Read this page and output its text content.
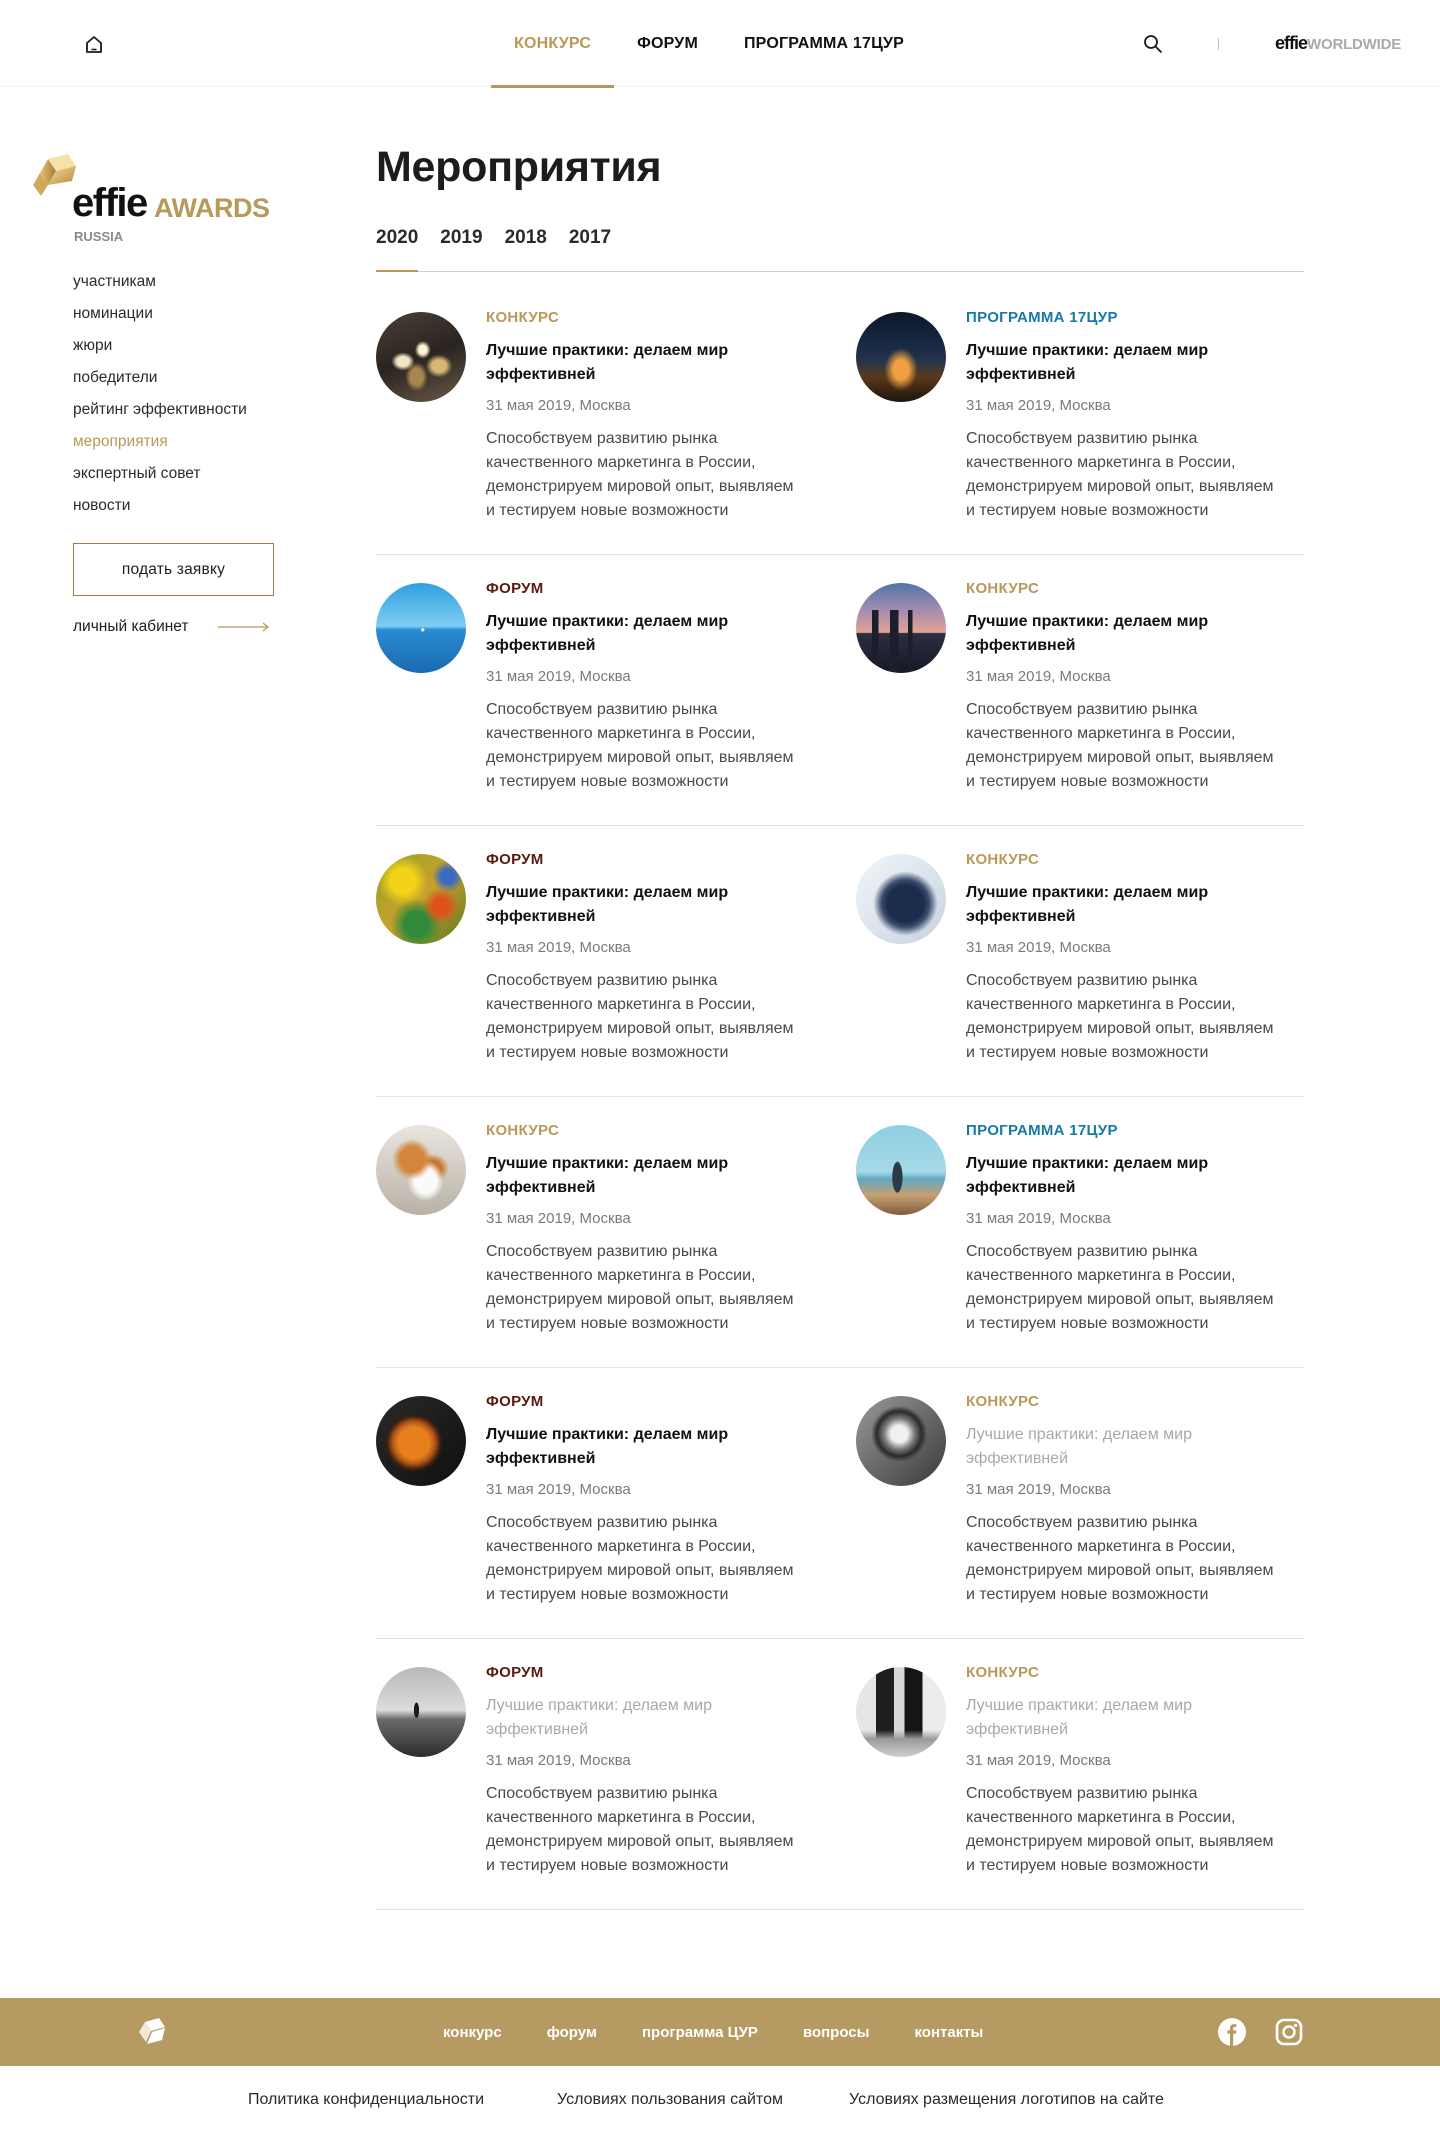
КОНКУРС	ФОРУМ	ПРОГРАММА 17ЦУР	effieWORLDWIDE
effie AWARDS
RUSSIA
участникам
номинации
жюри
победители
рейтинг эффективности
мероприятия
экспертный совет
новости
подать заявку
личный кабинет
Мероприятия
2020 2019 2018 2017
КОНКУРС
Лучшие практики: делаем мир эффективней
31 мая 2019, Москва
Способствуем развитию рынка качественного маркетинга в России, демонстрируем мировой опыт, выявляем и тестируем новые возможности
ПРОГРАММА 17ЦУР
Лучшие практики: делаем мир эффективней
31 мая 2019, Москва
Способствуем развитию рынка качественного маркетинга в России, демонстрируем мировой опыт, выявляем и тестируем новые возможности
ФОРУМ
Лучшие практики: делаем мир эффективней
31 мая 2019, Москва
Способствуем развитию рынка качественного маркетинга в России, демонстрируем мировой опыт, выявляем и тестируем новые возможности
КОНКУРС
Лучшие практики: делаем мир эффективней
31 мая 2019, Москва
Способствуем развитию рынка качественного маркетинга в России, демонстрируем мировой опыт, выявляем и тестируем новые возможности
ФОРУМ
Лучшие практики: делаем мир эффективней
31 мая 2019, Москва
Способствуем развитию рынка качественного маркетинга в России, демонстрируем мировой опыт, выявляем и тестируем новые возможности
КОНКУРС
Лучшие практики: делаем мир эффективней
31 мая 2019, Москва
Способствуем развитию рынка качественного маркетинга в России, демонстрируем мировой опыт, выявляем и тестируем новые возможности
КОНКУРС
Лучшие практики: делаем мир эффективней
31 мая 2019, Москва
Способствуем развитию рынка качественного маркетинга в России, демонстрируем мировой опыт, выявляем и тестируем новые возможности
ПРОГРАММА 17ЦУР
Лучшие практики: делаем мир эффективней
31 мая 2019, Москва
Способствуем развитию рынка качественного маркетинга в России, демонстрируем мировой опыт, выявляем и тестируем новые возможности
ФОРУМ
Лучшие практики: делаем мир эффективней
31 мая 2019, Москва
Способствуем развитию рынка качественного маркетинга в России, демонстрируем мировой опыт, выявляем и тестируем новые возможности
КОНКУРС
Лучшие практики: делаем мир эффективней
31 мая 2019, Москва
Способствуем развитию рынка качественного маркетинга в России, демонстрируем мировой опыт, выявляем и тестируем новые возможности
ФОРУМ
Лучшие практики: делаем мир эффективней
31 мая 2019, Москва
Способствуем развитию рынка качественного маркетинга в России, демонстрируем мировой опыт, выявляем и тестируем новые возможности
КОНКУРС
Лучшие практики: делаем мир эффективней
31 мая 2019, Москва
Способствуем развитию рынка качественного маркетинга в России, демонстрируем мировой опыт, выявляем и тестируем новые возможности
конкурс	форум	программа ЦУР	вопросы	контакты
Политика конфиденциальности	Условиях пользования сайтом	Условиях размещения логотипов на сайте
